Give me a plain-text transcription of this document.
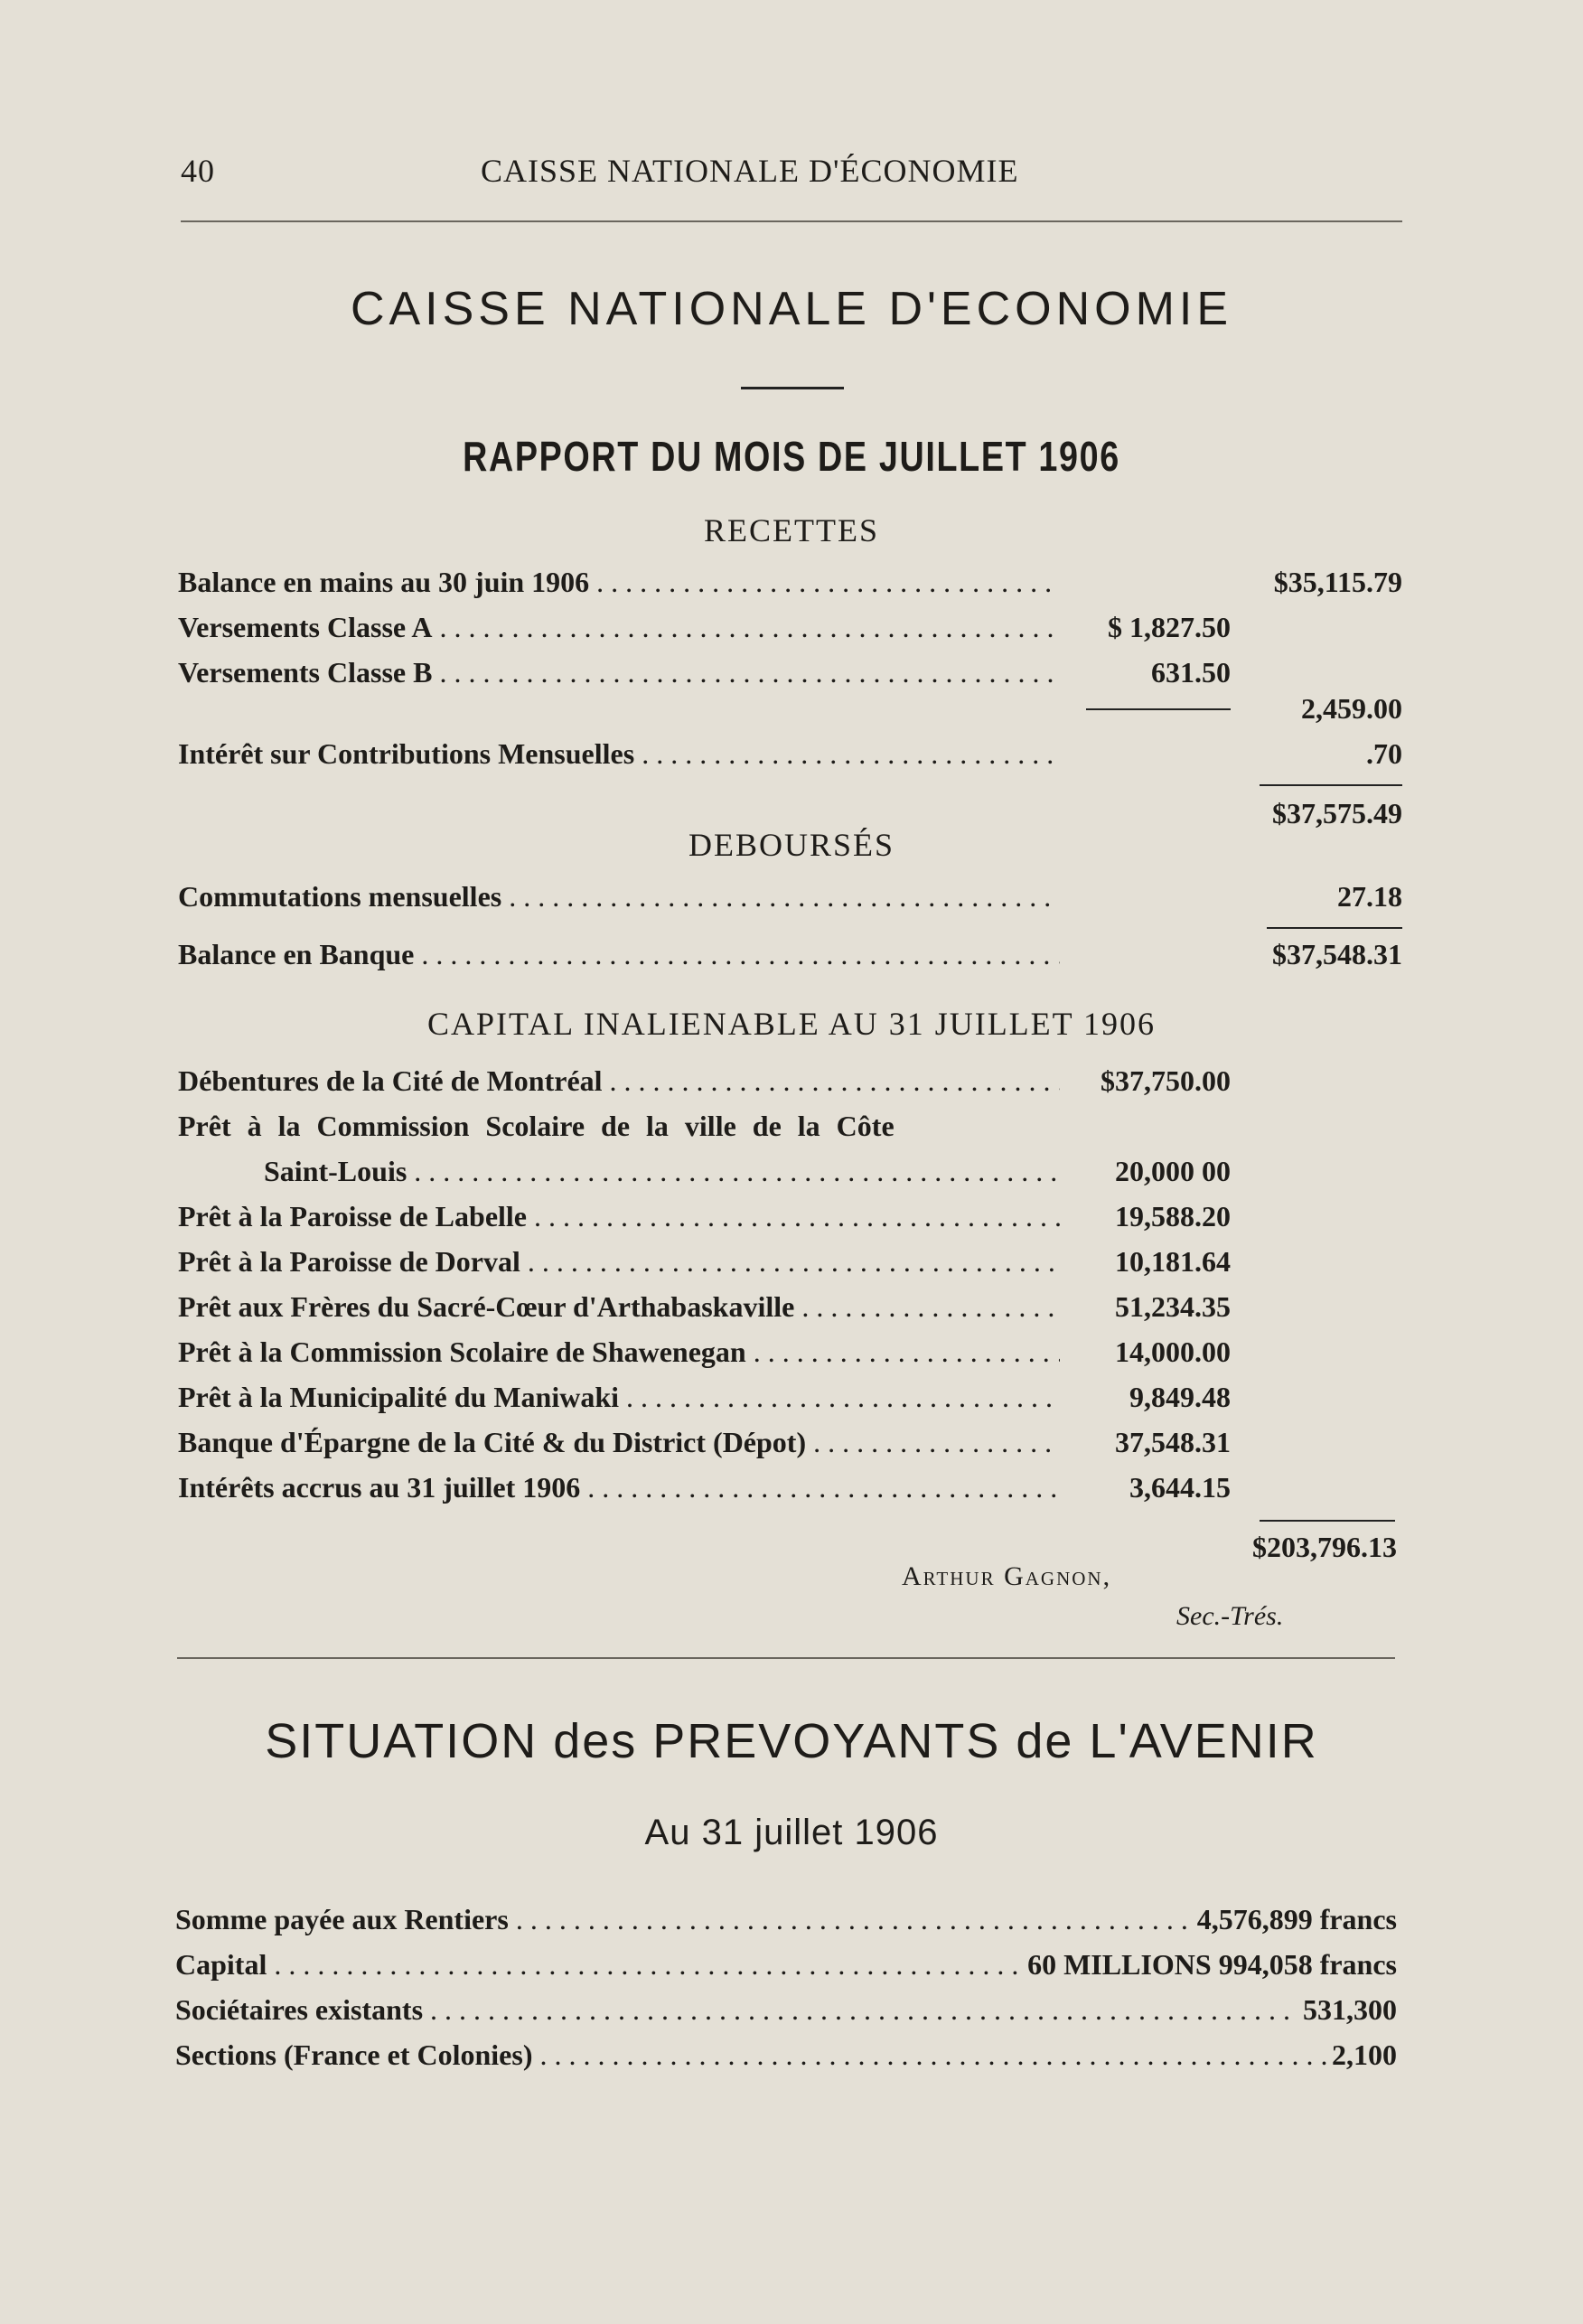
40	CAISSE NATIONALE D'ÉCONOMIE
CAISSE NATIONALE D'ECONOMIE
RAPPORT DU MOIS DE JUILLET 1906
RECETTES
Balance en mains au 30 juin 1906 . . .	$35,115.79
Versements Classe A . . .	$ 1,827.50
Versements Classe B . . .	631.50
2,459.00
Intérêt sur Contributions Mensuelles . . .	.70
$37,575.49
DEBOURSÉS
Commutations mensuelles . . .	27.18
Balance en Banque . . .	$37,548.31
CAPITAL INALIENABLE AU 31 JUILLET 1906
Débentures de la Cité de Montréal . . .	$37,750.00
Prêt à la Commission Scolaire de la ville de la Côte
Saint-Louis . . .	20,000 00
Prêt à la Paroisse de Labelle . . .	19,588.20
Prêt à la Paroisse de Dorval . . .	10,181.64
Prêt aux Frères du Sacré-Cœur d'Arthabaskaville . . .	51,234.35
Prêt à la Commission Scolaire de Shawenegan . . .	14,000.00
Prêt à la Municipalité du Maniwaki . . .	9,849.48
Banque d'Épargne de la Cité & du District (Dépot) . . .	37,548.31
Intérêts accrus au 31 juillet 1906 . . .	3,644.15
$203,796.13
Arthur Gagnon,
Sec.-Trés.
SITUATION des PREVOYANTS de L'AVENIR
Au 31 juillet 1906
Somme payée aux Rentiers . . .	4,576,899 francs
Capital . . .	60 MILLIONS 994,058 francs
Sociétaires existants . . .	531,300
Sections (France et Colonies) . . .	2,100
